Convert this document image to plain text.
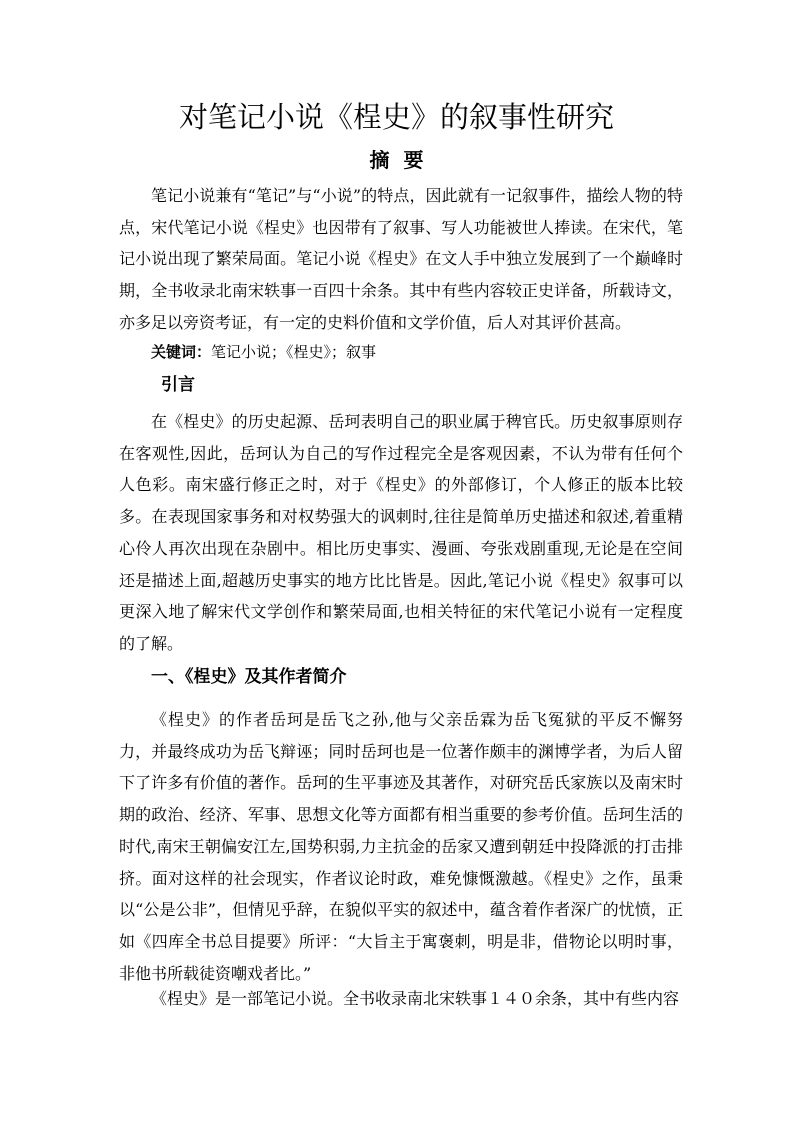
对笔记小说《桯史》的叙事性研究
摘要

笔记小说兼有“笔记”与“小说”的特点，因此就有一记叙事件，描绘人物的特点，宋代笔记小说《桯史》也因带有了叙事、写人功能被世人捧读。在宋代，笔记小说出现了繁荣局面。笔记小说《桯史》在文人手中独立发展到了一个巅峰时期，全书收录北南宋轶事一百四十余条。其中有些内容较正史详备，所载诗文，亦多足以旁资考证，有一定的史料价值和文学价值，后人对其评价甚高。

关键词：笔记小说；《桯史》；叙事

引言

在《桯史》的历史起源、岳珂表明自己的职业属于稗官氏。历史叙事原则存在客观性,因此，岳珂认为自己的写作过程完全是客观因素，不认为带有任何个人色彩。南宋盛行修正之时，对于《桯史》的外部修订，个人修正的版本比较多。在表现国家事务和对权势强大的讽刺时,往往是简单历史描述和叙述,着重精心伶人再次出现在杂剧中。相比历史事实、漫画、夸张戏剧重现,无论是在空间还是描述上面,超越历史事实的地方比比皆是。因此,笔记小说《桯史》叙事可以更深入地了解宋代文学创作和繁荣局面,也相关特征的宋代笔记小说有一定程度的了解。

一、《桯史》及其作者简介

《桯史》的作者岳珂是岳飞之孙,他与父亲岳霖为岳飞冤狱的平反不懈努力，并最终成功为岳飞辩诬；同时岳珂也是一位著作颇丰的渊博学者，为后人留下了许多有价值的著作。岳珂的生平事迹及其著作，对研究岳氏家族以及南宋时期的政治、经济、军事、思想文化等方面都有相当重要的参考价值。岳珂生活的时代,南宋王朝偏安江左,国势积弱,力主抗金的岳家又遭到朝廷中投降派的打击排挤。面对这样的社会现实，作者议论时政，难免慷慨激越。《桯史》之作，虽秉以“公是公非”，但情见乎辞，在貌似平实的叙述中，蕴含着作者深广的忧愤，正如《四库全书总目提要》所评：“大旨主于寓褒刺，明是非，借物论以明时事，非他书所载徒资嘲戏者比。”

《桯史》是一部笔记小说。全书收录南北宋轶事１４０余条，其中有些内容
